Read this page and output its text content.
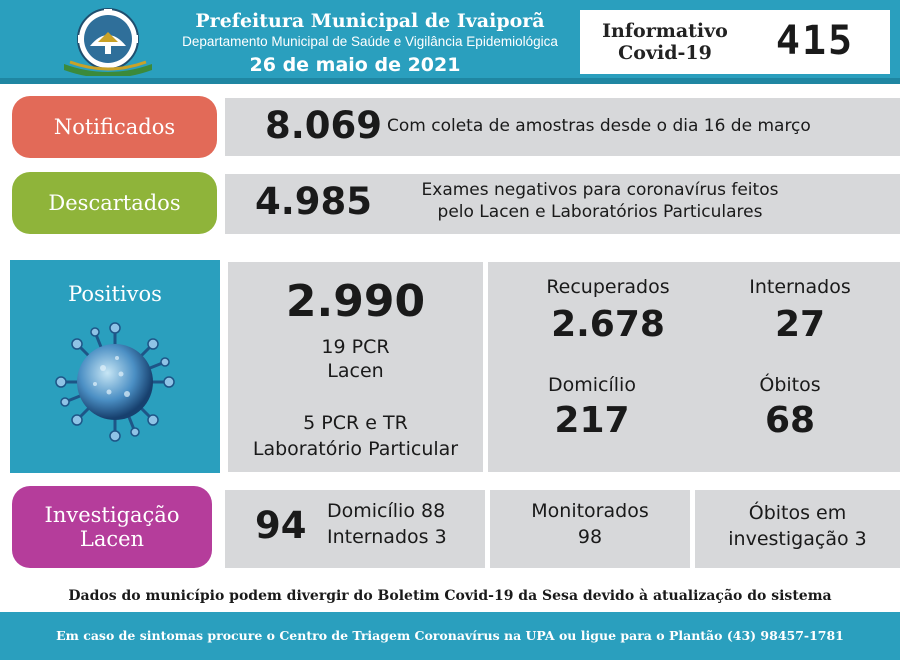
Prefeitura Municipal de Ivaiporã
Departamento Municipal de Saúde e Vigilância Epidemiológica
26 de maio de 2021
Informativo
Covid-19	415
Notificados	8.069 Com coleta de amostras desde o dia 16 de março
Descartados	4.985	Exames negativos para coronavírus feitos
pelo Lacen e Laboratórios Particulares
Positivos	2.990
19 PCR
Lacen
5 PCR e TR
Laboratório Particular
Recuperados
2.678
Internados
27
Domicílio
217
Óbitos
68
Investigação
Lacen	94 Domicílio 88
Internados 3
Monitorados
98
Óbitos em
investigação 3
Dados do município podem divergir do Boletim Covid-19 da Sesa devido à atualização do sistema
Em caso de sintomas procure o Centro de Triagem Coronavírus na UPA ou ligue para o Plantão (43) 98457-1781
